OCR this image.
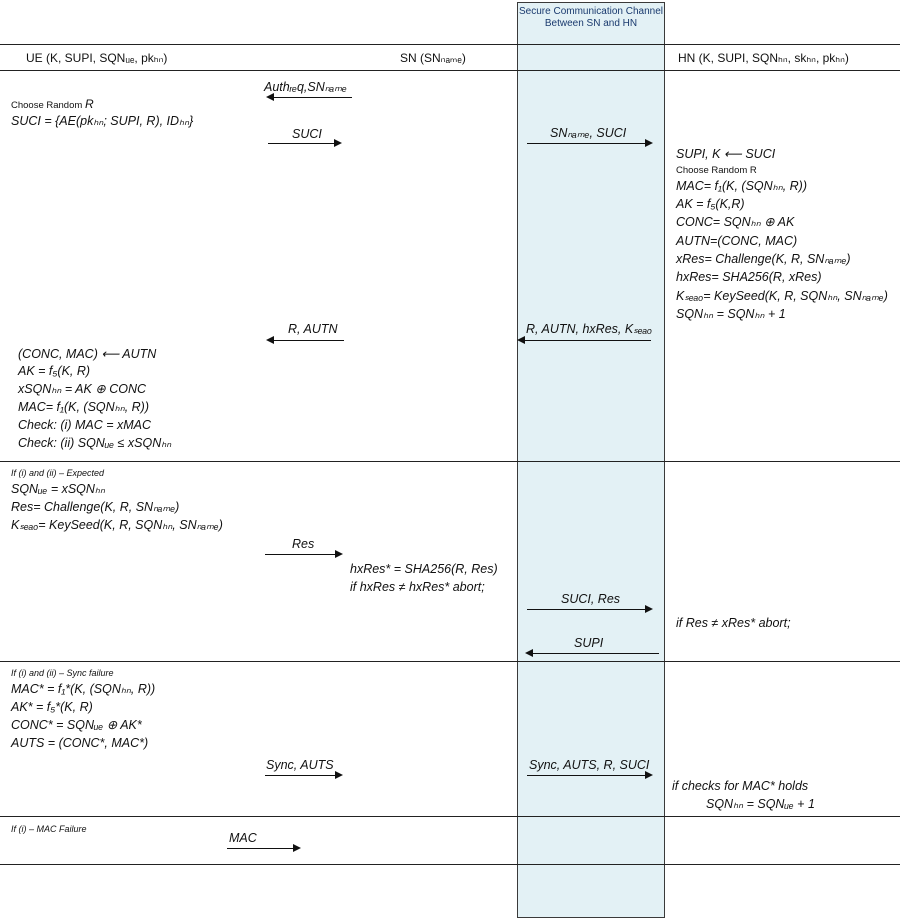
Secure Communication Channel
Between SN and HN
UE (K, SUPI, SQNᵤₑ, pkₕₙ)	SN (SNₙₐₘₑ)	HN (K, SUPI, SQNₕₙ, skₕₙ, pkₕₙ)
Authᵣₑq,SNₙₐₘₑ
Choose Random R
SUCI = {AE(pkₕₙ; SUPI, R), IDₕₙ}
SUCI	SNₙₐₘₑ, SUCI
SUPI, K ⟵ SUCI
Choose Random R
MAC= f₁(K, (SQNₕₙ, R))
AK = f₅(K,R)
CONC= SQNₕₙ ⊕ AK
AUTN=(CONC, MAC)
xRes= Challenge(K, R, SNₙₐₘₑ)
hxRes= SHA256(R, xRes)
Kₛₑₐₒ= KeySeed(K, R, SQNₕₙ, SNₙₐₘₑ)
SQNₕₙ = SQNₕₙ + 1
R, AUTN	R, AUTN, hxRes, Kₛₑₐₒ
(CONC, MAC) ⟵ AUTN
AK = f₅(K, R)
xSQNₕₙ = AK ⊕ CONC
MAC= f₁(K, (SQNₕₙ, R))
Check: (i) MAC = xMAC
Check: (ii) SQNᵤₑ ≤ xSQNₕₙ
If (i) and (ii) – Expected
SQNᵤₑ = xSQNₕₙ
Res= Challenge(K, R, SNₙₐₘₑ)
Kₛₑₐₒ= KeySeed(K, R, SQNₕₙ, SNₙₐₘₑ)
Res
hxRes* = SHA256(R, Res)
if hxRes ≠ hxRes* abort;
SUCI, Res
if Res ≠ xRes* abort;
SUPI
If (i) and (ii) – Sync failure
MAC* = f₁*(K, (SQNₕₙ, R))
AK* = f₅*(K, R)
CONC* = SQNᵤₑ ⊕ AK*
AUTS = (CONC*, MAC*)
Sync, AUTS	Sync, AUTS, R, SUCI
if checks for MAC* holds
SQNₕₙ = SQNᵤₑ + 1
If (i) – MAC Failure
MAC
